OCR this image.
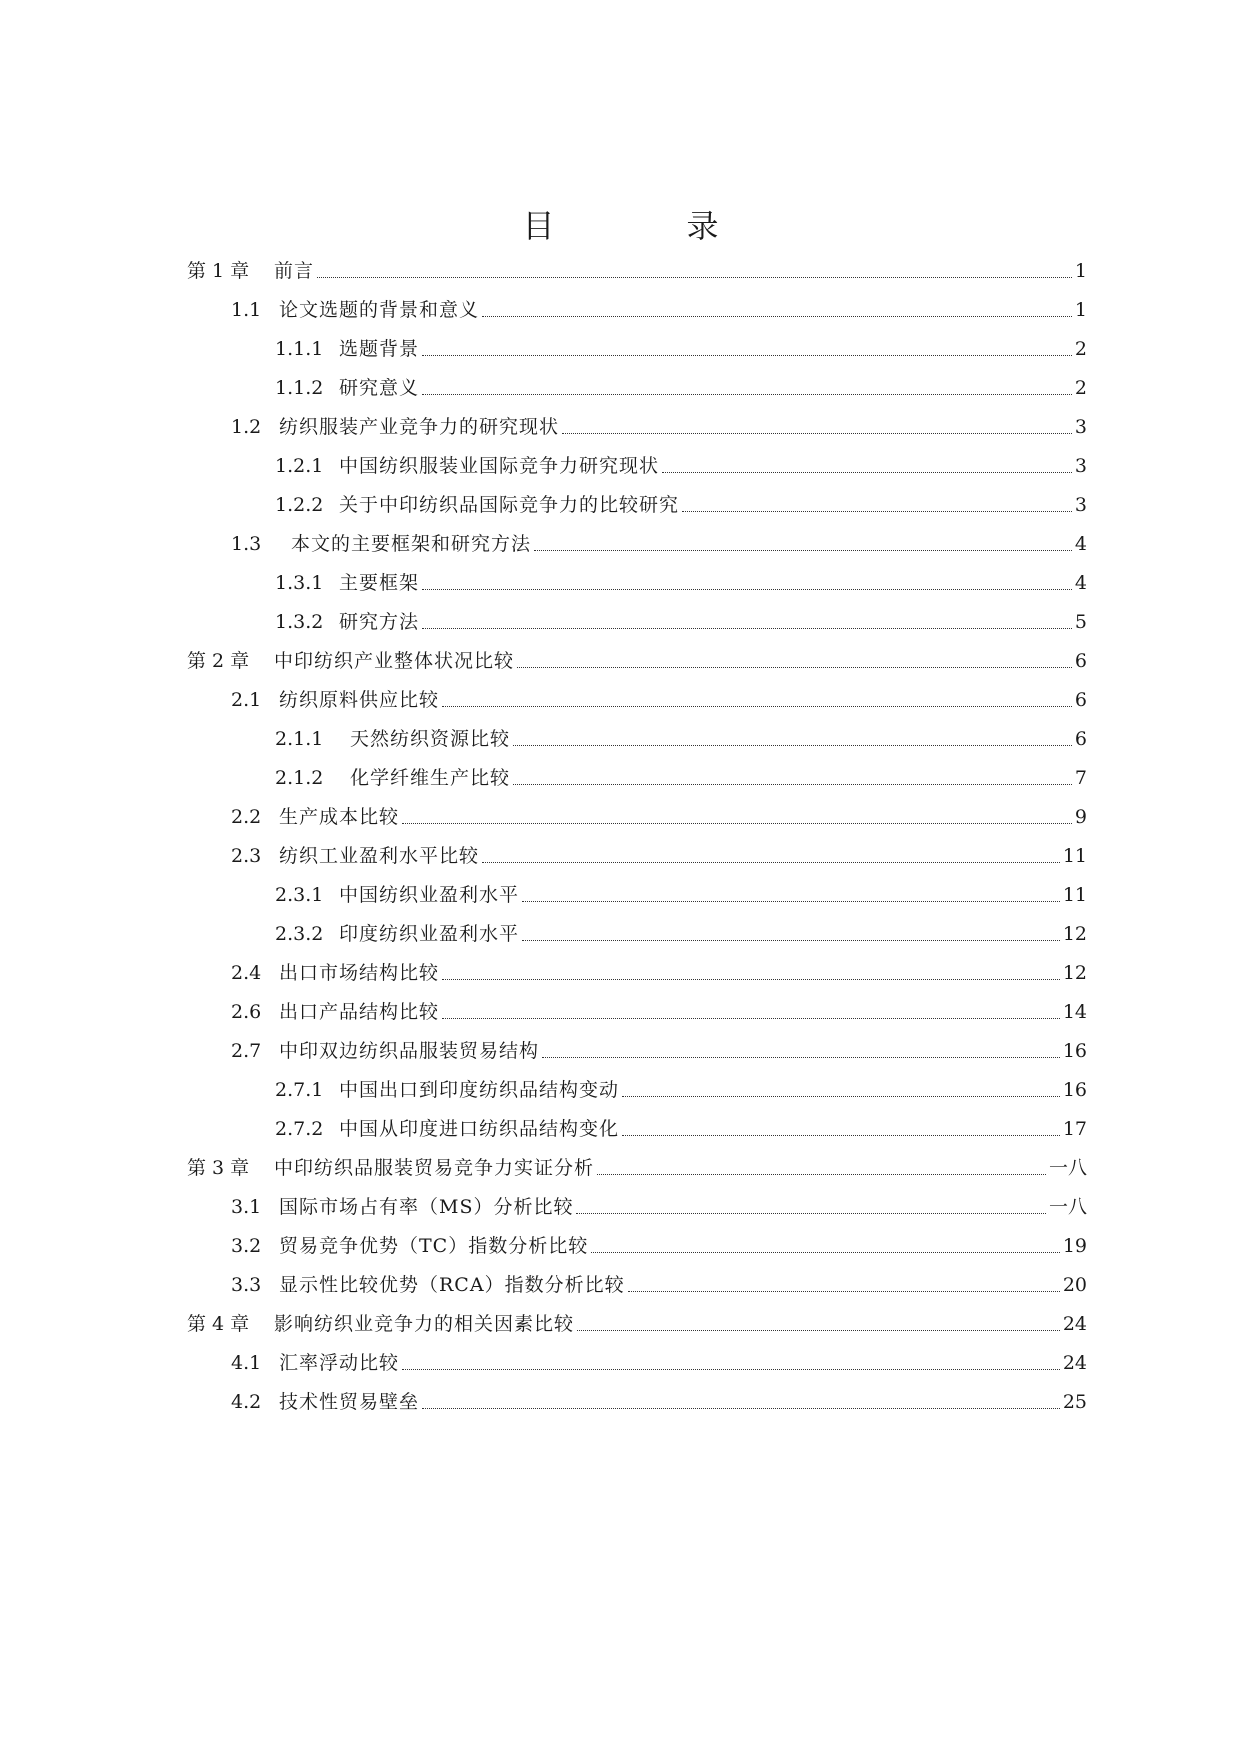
目　录
第 1 章	前言	1
1.1 论文选题的背景和意义	1
1.1.1 选题背景	2
1.1.2 研究意义	2
1.2 纺织服装产业竞争力的研究现状	3
1.2.1 中国纺织服装业国际竞争力研究现状	3
1.2.2 关于中印纺织品国际竞争力的比较研究	3
1.3	本文的主要框架和研究方法	4
1.3.1 主要框架	4
1.3.2 研究方法	5
第 2 章	中印纺织产业整体状况比较	6
2.1 纺织原料供应比较	6
2.1.1	天然纺织资源比较	6
2.1.2	化学纤维生产比较	7
2.2 生产成本比较	9
2.3 纺织工业盈利水平比较	11
2.3.1 中国纺织业盈利水平	11
2.3.2 印度纺织业盈利水平	12
2.4 出口市场结构比较	12
2.6 出口产品结构比较	14
2.7 中印双边纺织品服装贸易结构	16
2.7.1 中国出口到印度纺织品结构变动	16
2.7.2 中国从印度进口纺织品结构变化	17
第 3 章	中印纺织品服装贸易竞争力实证分析	一八
3.1 国际市场占有率（MS）分析比较	一八
3.2 贸易竞争优势（TC）指数分析比较	19
3.3 显示性比较优势（RCA）指数分析比较	20
第 4 章	影响纺织业竞争力的相关因素比较	24
4.1 汇率浮动比较	24
4.2 技术性贸易壁垒	25
